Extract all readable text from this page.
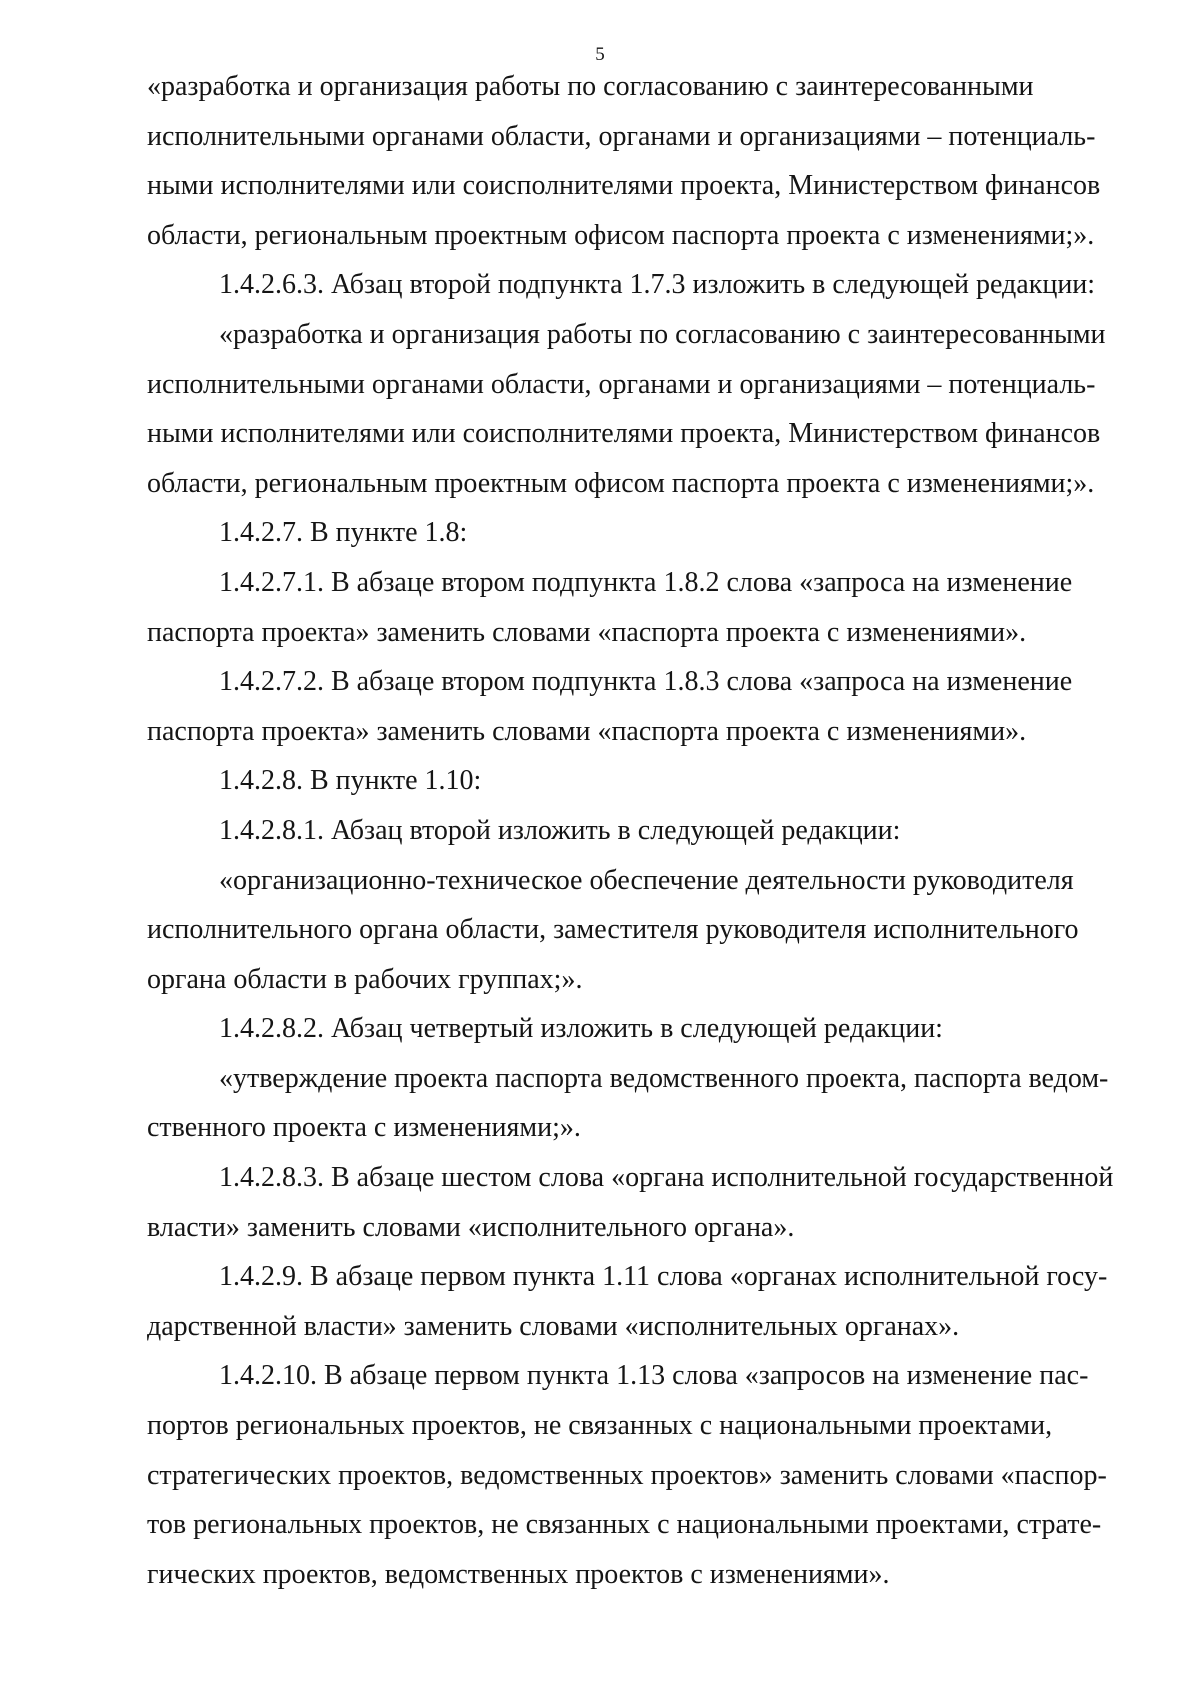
5

«разработка и организация работы по согласованию с заинтересованными
исполнительными органами области, органами и организациями – потенциаль-
ными исполнителями или соисполнителями проекта, Министерством финансов
области, региональным проектным офисом паспорта проекта с изменениями;».

1.4.2.6.3. Абзац второй подпункта 1.7.3 изложить в следующей редакции:

«разработка и организация работы по согласованию с заинтересованными
исполнительными органами области, органами и организациями – потенциаль-
ными исполнителями или соисполнителями проекта, Министерством финансов
области, региональным проектным офисом паспорта проекта с изменениями;».

1.4.2.7. В пункте 1.8:

1.4.2.7.1. В абзаце втором подпункта 1.8.2 слова «запроса на изменение
паспорта проекта» заменить словами «паспорта проекта с изменениями».

1.4.2.7.2. В абзаце втором подпункта 1.8.3 слова «запроса на изменение
паспорта проекта» заменить словами «паспорта проекта с изменениями».

1.4.2.8. В пункте 1.10:

1.4.2.8.1. Абзац второй изложить в следующей редакции:

«организационно-техническое обеспечение деятельности руководителя
исполнительного органа области, заместителя руководителя исполнительного
органа области в рабочих группах;».

1.4.2.8.2. Абзац четвертый изложить в следующей редакции:

«утверждение проекта паспорта ведомственного проекта, паспорта ведом-
ственного проекта с изменениями;».

1.4.2.8.3. В абзаце шестом слова «органа исполнительной государственной
власти» заменить словами «исполнительного органа».

1.4.2.9. В абзаце первом пункта 1.11 слова «органах исполнительной госу-
дарственной власти» заменить словами «исполнительных органах».

1.4.2.10. В абзаце первом пункта 1.13 слова «запросов на изменение пас-
портов региональных проектов, не связанных с национальными проектами,
стратегических проектов, ведомственных проектов» заменить словами «паспор-
тов региональных проектов, не связанных с национальными проектами, страте-
гических проектов, ведомственных проектов с изменениями».
